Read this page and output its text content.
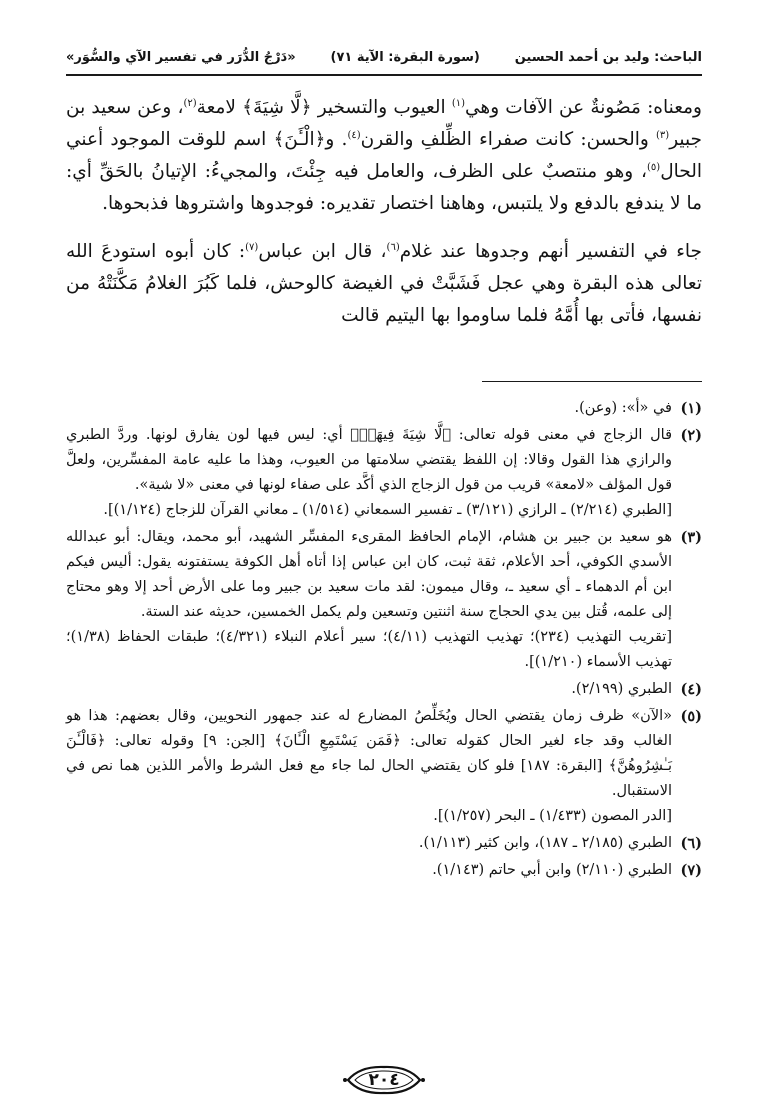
الباحث: وليد بن أحمد الحسين
(سورة البقرة: الآية ٧١)
«دَرْجُ الدُّرَر في تفسير الآي والسُّوَر»

ومعناه: مَصُونةٌ عن الآفات وهي$^{(١)}$ العيوب والتسخير ﴿لَّا شِيَةَ﴾ لامعة$^{(٢)}$، وعن سعيد بن جبير$^{(٣)}$ والحسن: كانت صفراء الظِّلفِ والقرن$^{(٤)}$. و﴿الْـَٔنَ﴾ اسم للوقت الموجود أعني الحال$^{(٥)}$، وهو منتصبٌ على الظرف، والعامل فيه جِئْتَ، والمجيءُ: الإتيانُ بالحَقِّ أي: ما لا يندفع بالدفع ولا يلتبس، وهاهنا اختصار تقديره: فوجدوها واشتروها فذبحوها.

جاء في التفسير أنهم وجدوها عند غلام$^{(٦)}$، قال ابن عباس$^{(٧)}$: كان أبوه استودعَ الله تعالى هذه البقرة وهي عجل فَشَبَّتْ في الغيضة كالوحش، فلما كَبُرَ الغلامُ مَكَّنَتْهُ من نفسها، فأتى بها أُمَّهُ فلما ساوموا بها اليتيم قالت

(١)

في «أ»: (وعن).

(٢)

قال الزجاج في معنى قوله تعالى: ﴿لَّا شِيَةَ فِيهَاۚ﴾ أي: ليس فيها لون يفارق لونها. وردَّ الطبري والرازي هذا القول وقالا: إن اللفظ يقتضي سلامتها من العيوب، وهذا ما عليه عامة المفسِّرين، ولعلَّ قول المؤلف «لامعة» قريب من قول الزجاج الذي أكَّد على صفاء لونها في معنى «لا شية».

[الطبري (٢/٢١٤) ـ الرازي (٣/١٢١) ـ تفسير السمعاني (١/٥١٤) ـ معاني القرآن للزجاج (١/١٢٤)].

(٣)

هو سعيد بن جبير بن هشام، الإمام الحافظ المقرىء المفسِّر الشهيد، أبو محمد، ويقال: أبو عبدالله الأسدي الكوفي، أحد الأعلام، ثقة ثبت، كان ابن عباس إذا أتاه أهل الكوفة يستفتونه يقول: أليس فيكم ابن أم الدهماء ـ أي سعيد ـ، وقال ميمون: لقد مات سعيد بن جبير وما على الأرض أحد إلا وهو محتاج إلى علمه، قُتل بين يدي الحجاج سنة اثنتين وتسعين ولم يكمل الخمسين، حديثه عند الستة.

[تقريب التهذيب (٢٣٤)؛ تهذيب التهذيب (٤/١١)؛ سير أعلام النبلاء (٤/٣٢١)؛ طبقات الحفاظ (١/٣٨)؛ تهذيب الأسماء (١/٢١٠)].

(٤)

الطبري (٢/١٩٩).

(٥)

«الآن» ظرف زمان يقتضي الحال ويُخَلِّصُ المضارع له عند جمهور النحويين، وقال بعضهم: هذا هو الغالب وقد جاء لغير الحال كقوله تعالى: ﴿فَمَن يَسْتَمِعِ الْـَٔانَ﴾ [الجن: ٩] وقوله تعالى: ﴿فَالْـَٔنَ بَـٰشِرُوهُنَّ﴾ [البقرة: ١٨٧] فلو كان يقتضي الحال لما جاء مع فعل الشرط والأمر اللذين هما نص في الاستقبال.

[الدر المصون (١/٤٣٣) ـ البحر (١/٢٥٧)].

(٦)

الطبري (٢/١٨٥ ـ ١٨٧)، وابن كثير (١/١١٣).

(٧)

الطبري (٢/١١٠) وابن أبي حاتم (١/١٤٣).

٢٠٤
